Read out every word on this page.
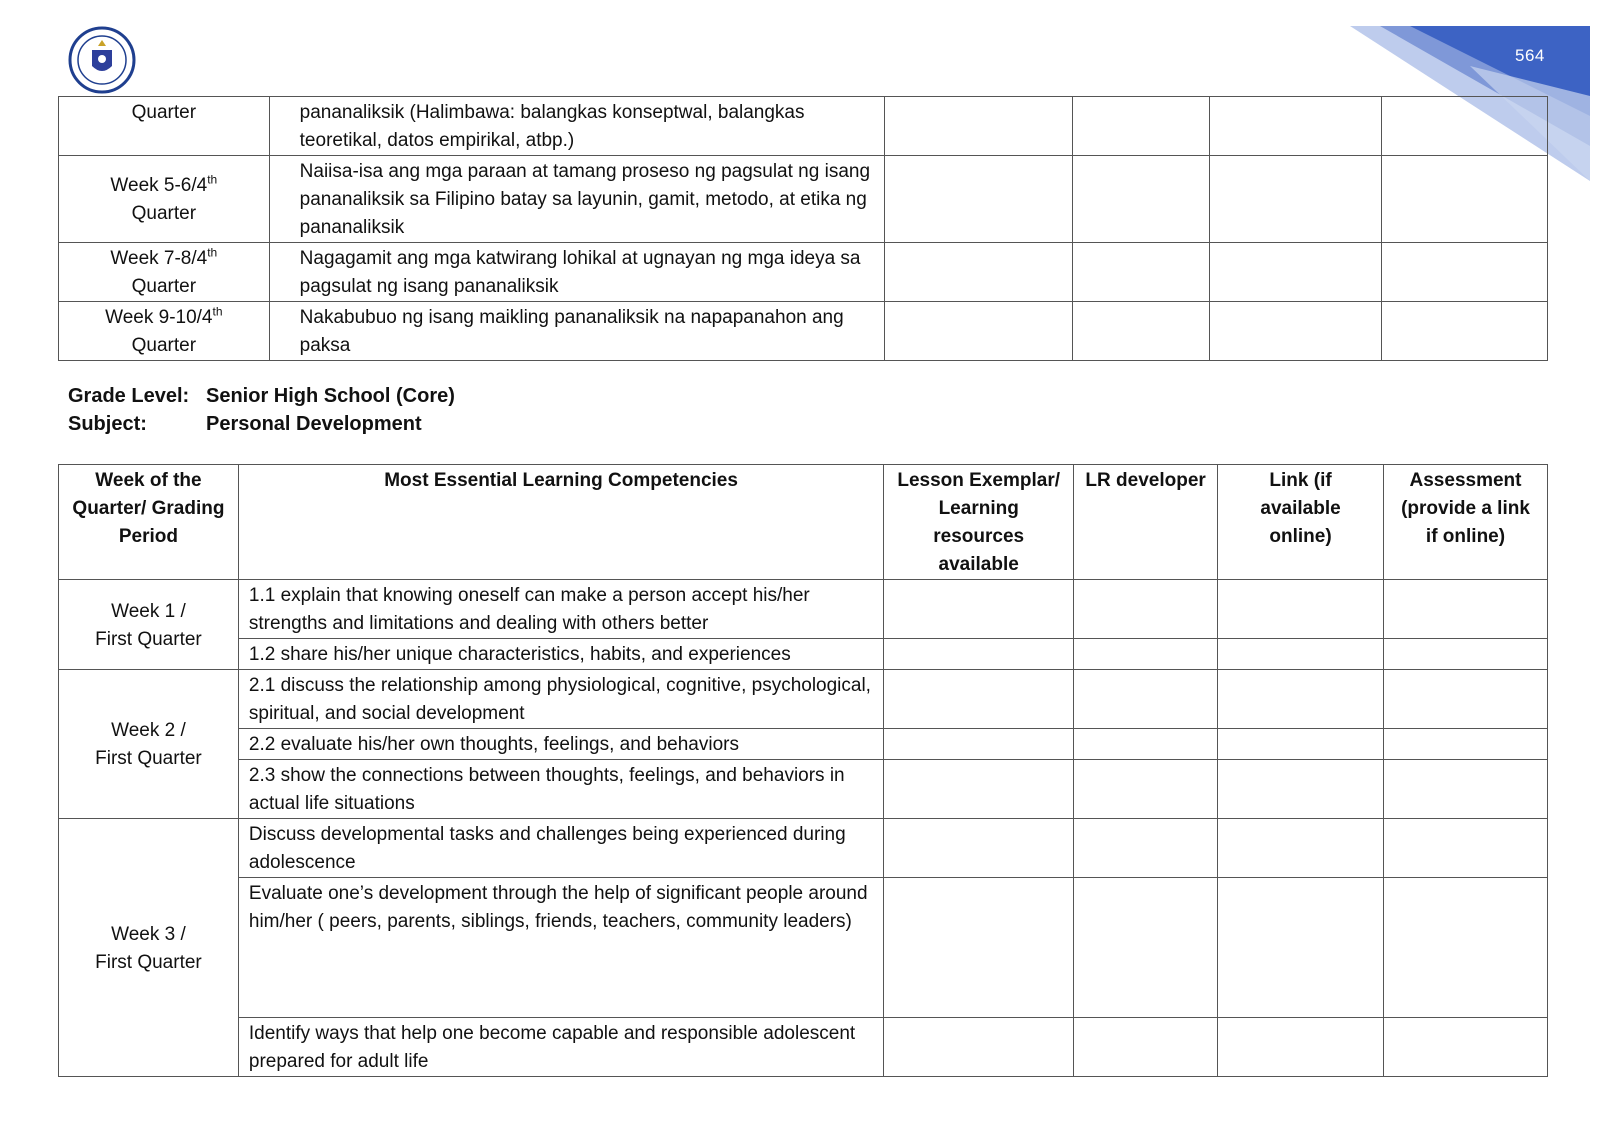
564
Quarter	pananaliksik (Halimbawa: balangkas konseptwal, balangkas teoretikal, datos empirikal, atbp.)				
Week 5-6/4th
Quarter	Naiisa-isa ang mga paraan at tamang proseso ng pagsulat ng isang pananaliksik sa Filipino batay sa layunin, gamit, metodo, at etika ng pananaliksik				
Week 7-8/4th
Quarter	Nagagamit ang mga katwirang lohikal at ugnayan ng mga ideya sa pagsulat ng isang pananaliksik				
Week 9-10/4th
Quarter	Nakabubuo ng isang maikling pananaliksik na napapanahon ang paksa				
Grade Level: Senior High School (Core)
Subject:	Personal Development
Week of the Quarter/ Grading Period	Most Essential Learning Competencies	Lesson Exemplar/ Learning resources available	LR developer	Link (if available online)	Assessment (provide a link if online)
Week 1 /
First Quarter	1.1 explain that knowing oneself can make a person accept his/her strengths and limitations and dealing with others better				
	1.2 share his/her unique characteristics, habits, and experiences				
Week 2 /
First Quarter	2.1 discuss the relationship among physiological, cognitive, psychological, spiritual, and social development				
	2.2 evaluate his/her own thoughts, feelings, and behaviors				
	2.3 show the connections between thoughts, feelings, and behaviors in actual life situations				
Week 3 /
First Quarter	Discuss developmental tasks and challenges being experienced during adolescence				
	Evaluate one’s development through the help of significant people around him/her ( peers, parents, siblings, friends, teachers, community leaders)				
	Identify ways that help one become capable and responsible adolescent prepared for adult life				
